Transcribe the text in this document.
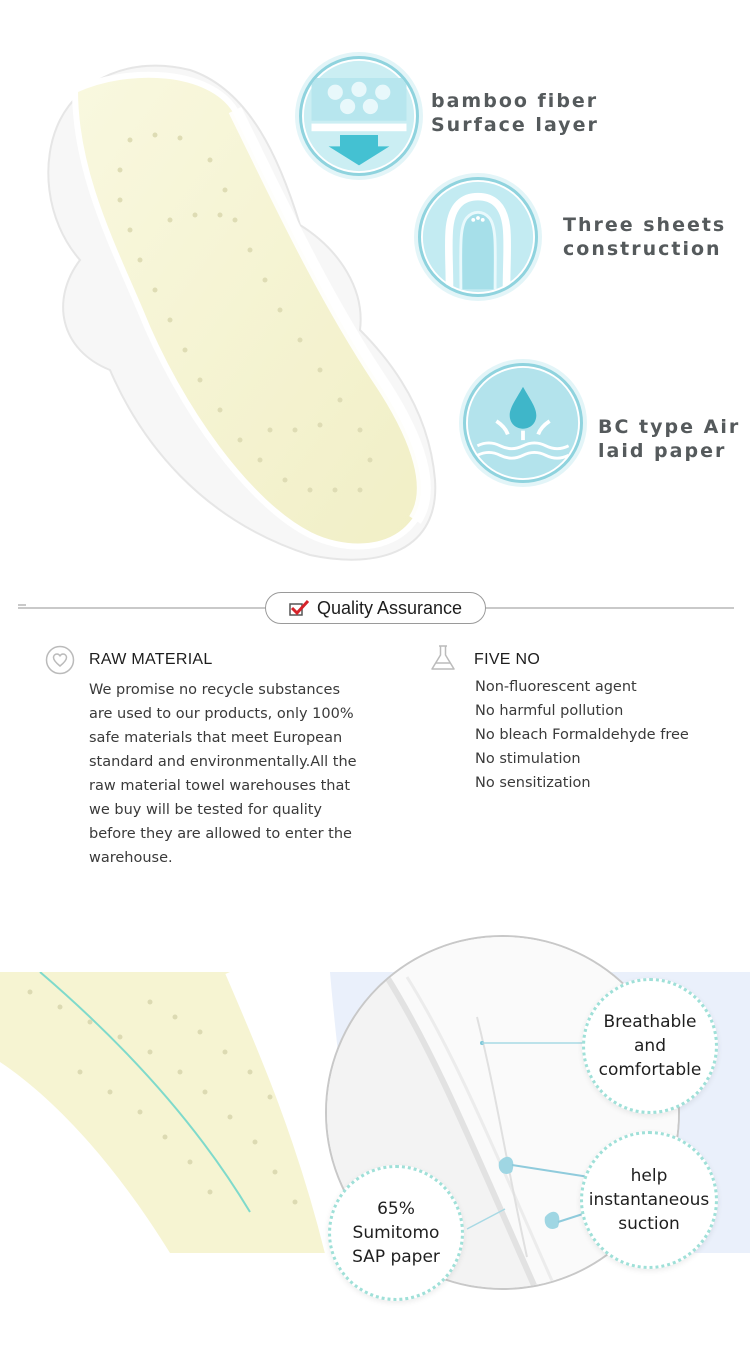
bamboo fiber
Surface layer
Three sheets
construction
BC type Air
laid paper
Quality Assurance
RAW MATERIAL
We promise no recycle substances
are used to our products, only 100%
safe materials that meet European
standard and environmentally.All the
raw material towel warehouses that
we buy will be tested for quality
before they are allowed to enter the
warehouse.
FIVE NO
Non-fluorescent agent
No harmful pollution
No bleach Formaldehyde free
No stimulation
No sensitization
Breathable
and
comfortable
help
instantaneous
suction
65%
Sumitomo
SAP paper
